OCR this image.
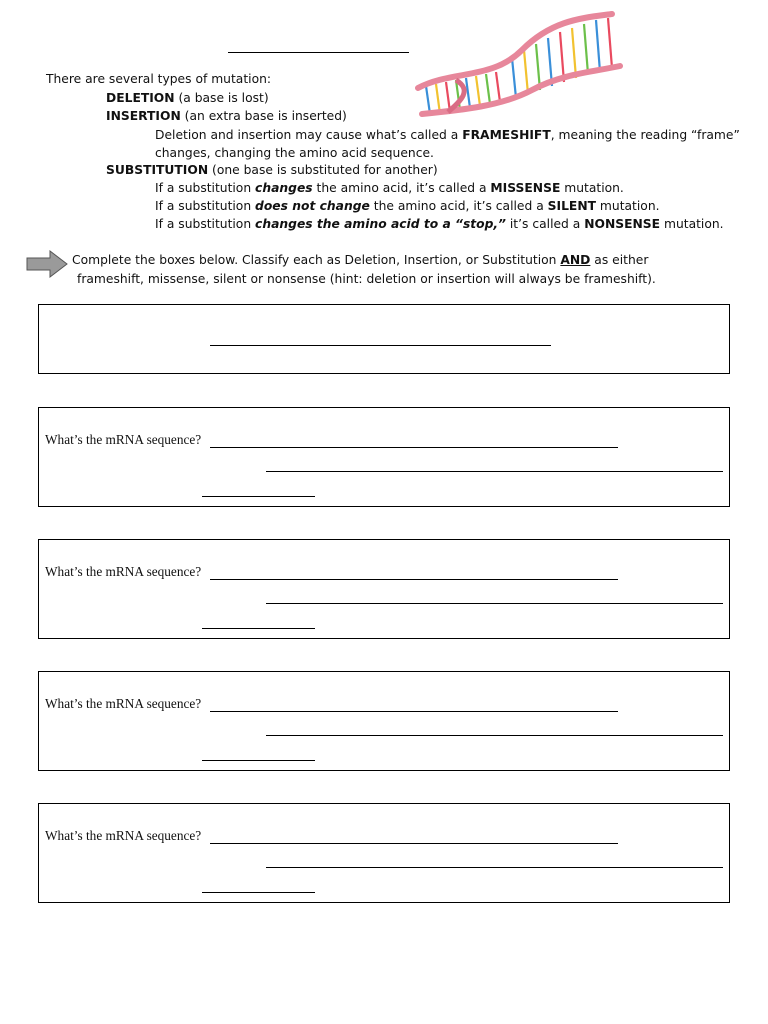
There are several types of mutation:
DELETION (a base is lost)
INSERTION (an extra base is inserted)
Deletion and insertion may cause what’s called a FRAMESHIFT, meaning the reading “frame”
changes, changing the amino acid sequence.
SUBSTITUTION (one base is substituted for another)
If a substitution changes the amino acid, it’s called a MISSENSE mutation.
If a substitution does not change the amino acid, it’s called a SILENT mutation.
If a substitution changes the amino acid to a “stop,” it’s called a NONSENSE mutation.
Complete the boxes below. Classify each as Deletion, Insertion, or Substitution AND as either
frameshift, missense, silent or nonsense (hint: deletion or insertion will always be frameshift).
What’s the mRNA sequence?
What’s the mRNA sequence?
What’s the mRNA sequence?
What’s the mRNA sequence?
